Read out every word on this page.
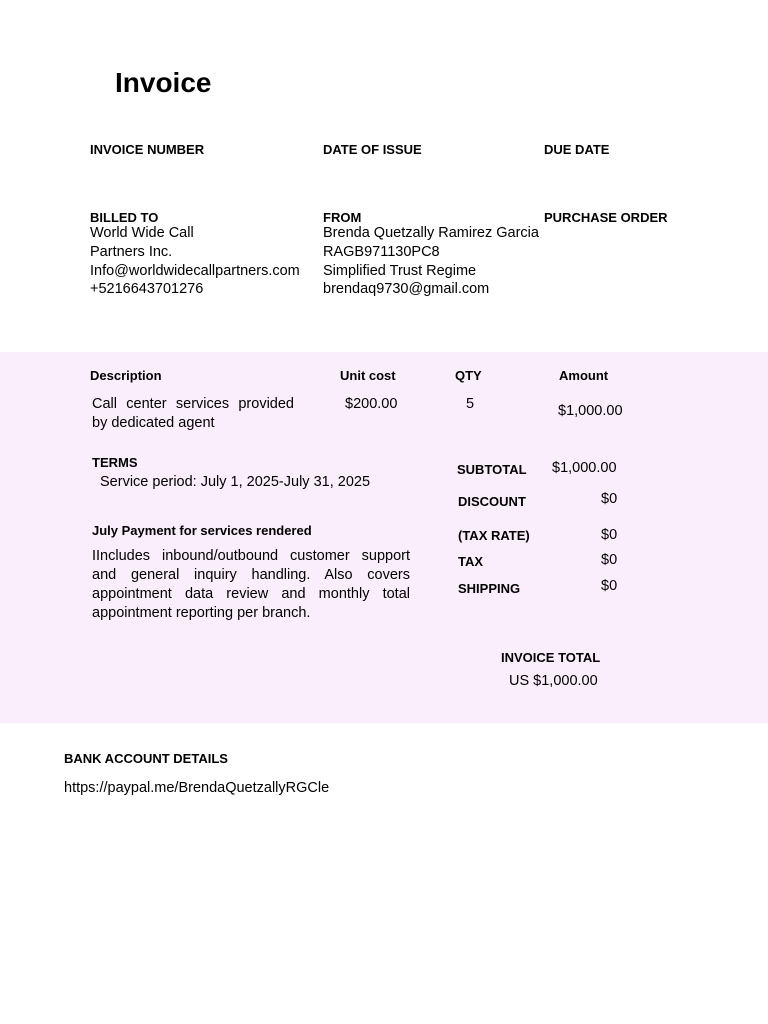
Invoice
INVOICE NUMBER	DATE OF ISSUE	DUE DATE
BILLED TO
World Wide Call
Partners Inc.
Info@worldwidecallpartners.com
+5216643701276
FROM
Brenda Quetzally Ramirez Garcia
RAGB971130PC8
Simplified Trust Regime
brendaq9730@gmail.com
PURCHASE ORDER
Description	Unit cost	QTY	Amount
Call center services provided by dedicated agent
$200.00	5	$1,000.00
TERMS
Service period: July 1, 2025-July 31, 2025
July Payment for services rendered
IIncludes inbound/outbound customer support and general inquiry handling. Also covers appointment data review and monthly total appointment reporting per branch.
SUBTOTAL $1,000.00
DISCOUNT	$0
(TAX RATE)	$0
TAX	$0
SHIPPING	$0
INVOICE TOTAL
US $1,000.00
BANK ACCOUNT DETAILS
https://paypal.me/BrendaQuetzallyRGCle
